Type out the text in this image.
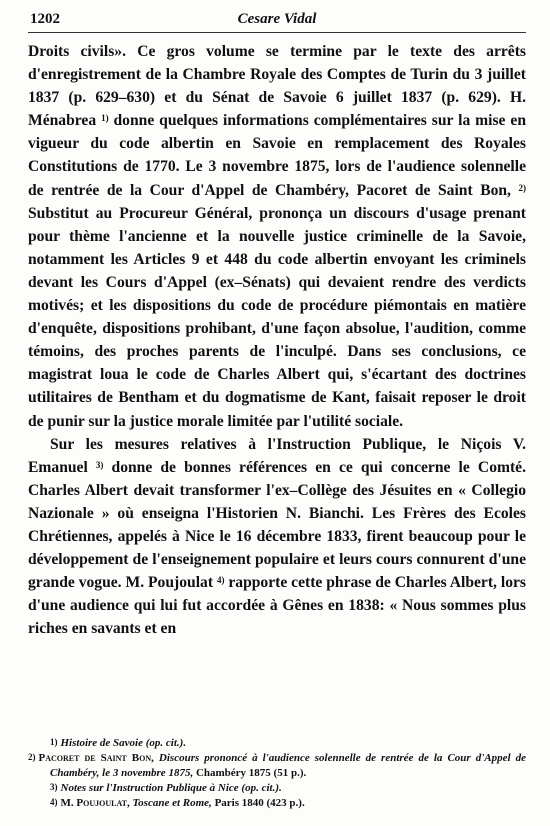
1202	Cesare Vidal

Droits civils». Ce gros volume se termine par le texte des arrêts d'enregistrement de la Chambre Royale des Comptes de Turin du 3 juillet 1837 (p. 629–630) et du Sénat de Savoie 6 juillet 1837 (p. 629). H. Ménabrea $^{1)}$ donne quelques informations complémentaires sur la mise en vigueur du code albertin en Savoie en remplacement des Royales Constitutions de 1770. Le 3 novembre 1875, lors de l'audience solennelle de rentrée de la Cour d'Appel de Chambéry, Pacoret de Saint Bon, $^{2)}$ Substitut au Procureur Général, prononça un discours d'usage prenant pour thème l'ancienne et la nouvelle justice criminelle de la Savoie, notamment les Articles 9 et 448 du code albertin envoyant les criminels devant les Cours d'Appel (ex–Sénats) qui devaient rendre des verdicts motivés; et les dispositions du code de procédure piémontais en matière d'enquête, dispositions prohibant, d'une façon absolue, l'audition, comme témoins, des proches parents de l'inculpé. Dans ses conclusions, ce magistrat loua le code de Charles Albert qui, s'écartant des doctrines utilitaires de Bentham et du dogmatisme de Kant, faisait reposer le droit de punir sur la justice morale limitée par l'utilité sociale.

Sur les mesures relatives à l'Instruction Publique, le Niçois V. Emanuel $^{3)}$ donne de bonnes références en ce qui concerne le Comté. Charles Albert devait transformer l'ex–Collège des Jésuites en « Collegio Nazionale » où enseigna l'Historien N. Bianchi. Les Frères des Ecoles Chrétiennes, appelés à Nice le 16 décembre 1833, firent beaucoup pour le développement de l'enseignement populaire et leurs cours connurent d'une grande vogue. M. Poujoulat $^{4)}$ rapporte cette phrase de Charles Albert, lors d'une audience qui lui fut accordée à Gênes en 1838: « Nous sommes plus riches en savants et en

$^{1)}$ Histoire de Savoie (op. cit.).
$^{2)}$ Pacoret de Saint Bon, Discours prononcé à l'audience solennelle de rentrée de la Cour d'Appel de Chambéry, le 3 novembre 1875, Chambéry 1875 (51 p.).
$^{3)}$ Notes sur l'Instruction Publique à Nice (op. cit.).
$^{4)}$ M. Poujoulat, Toscane et Rome, Paris 1840 (423 p.).
